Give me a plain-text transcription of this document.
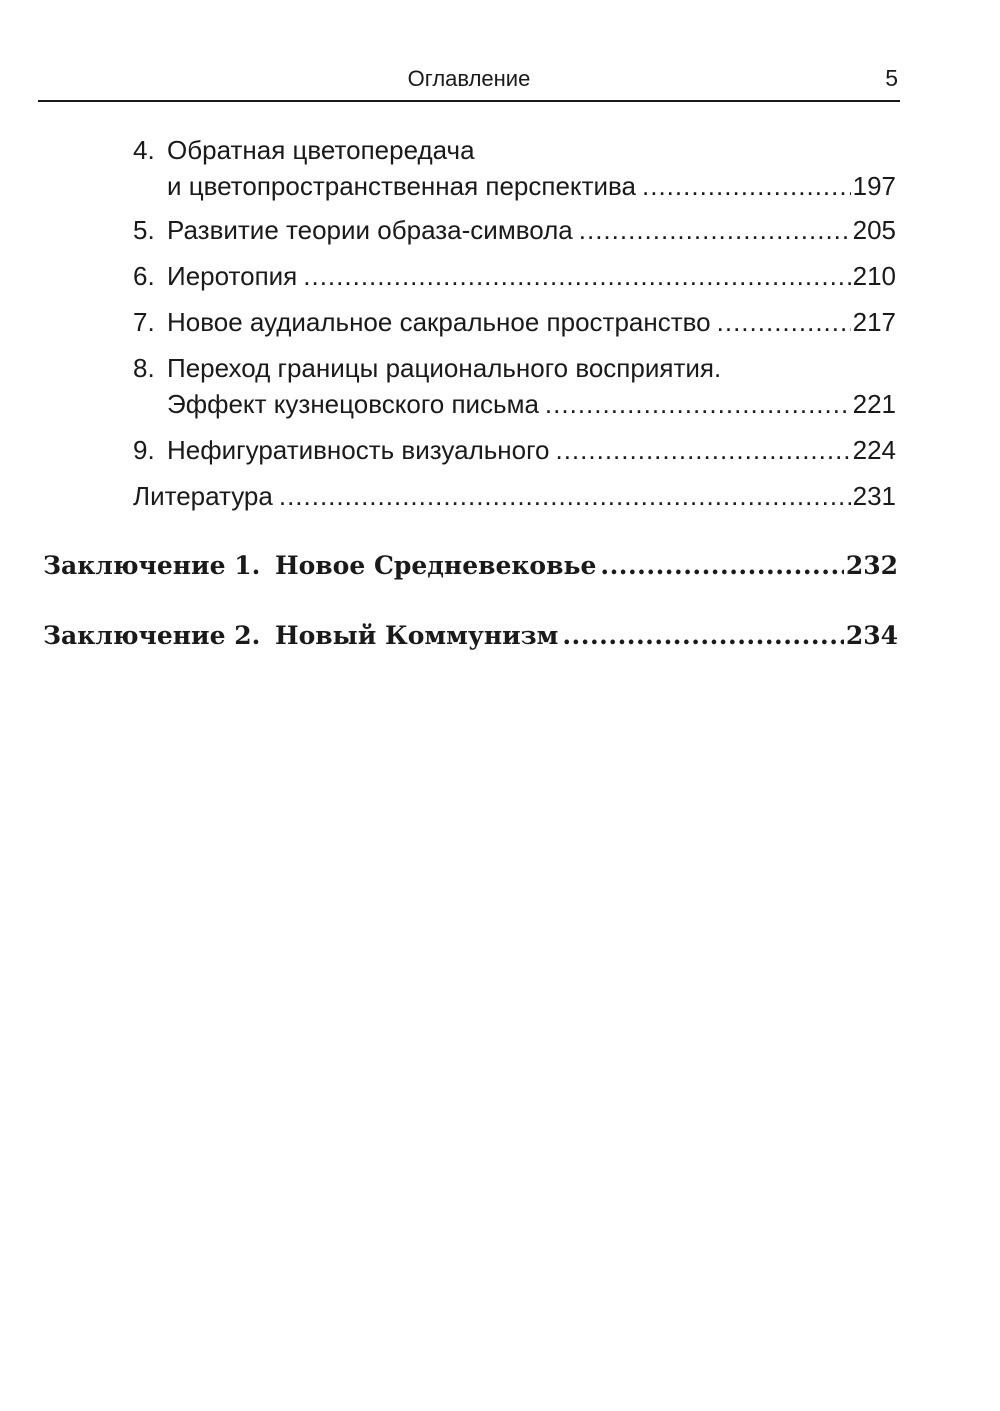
Оглавление	5
4. Обратная цветопередача
и цветопространственная перспектива .....	197
5. Развитие теории образа-символа .....	205
6. Иеротопия .....	210
7. Новое аудиальное сакральное пространство .....	217
8. Переход границы рационального восприятия.
Эффект кузнецовского письма .....	221
9. Нефигуративность визуального .....	224
Литература .....	231
Заключение 1. Новое Средневековье .....	232
Заключение 2. Новый Коммунизм .....	234
